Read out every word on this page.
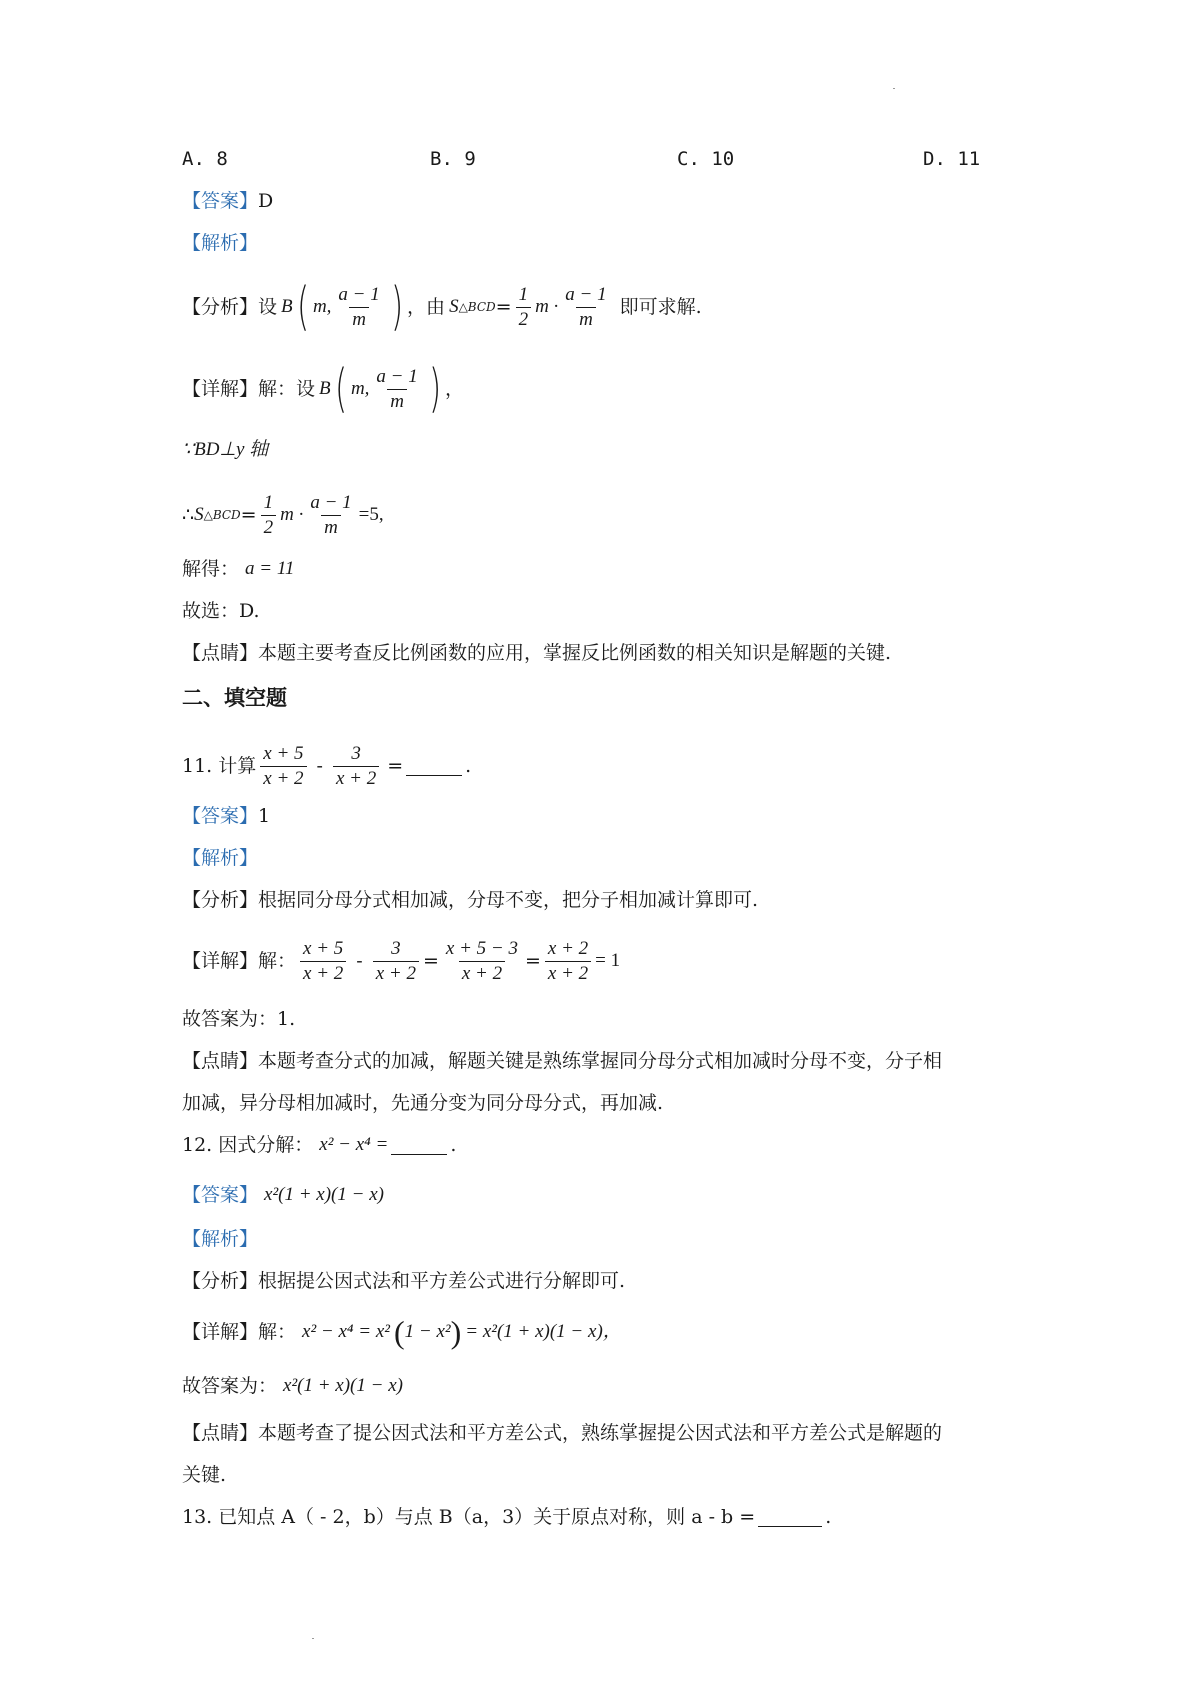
A. 8	B. 9	C. 10	D. 11
【答案】 D
【解析】
【分析】 设 B ( m, $\frac{a - 1}{m}$ ) ，由 S △BCD = $\frac{1}{2}$ $m \cdot \frac{a - 1}{m}$ 即可求解.
【详解】 解：设 B ( m, $\frac{a - 1}{m}$ ) ，
∵BD⊥y 轴
∴ S △BCD = $\frac{1}{2}$ $m \cdot \frac{a - 1}{m} =5$,
解得： a = 11
故选：D.
【点睛】 本题主要考查反比例函数的应用，掌握反比例函数的相关知识是解题的关键.
二、填空题
11. 计算 $\frac{x + 5}{x + 2} - \frac{3}{x + 2}$ =	.
【答案】 1
【解析】
【分析】 根据同分母分式相加减，分母不变，把分子相加减计算即可.
【详解】 解： $\frac{x + 5}{x + 2} - \frac{3}{x + 2} = \frac{x + 5 - 3}{x + 2} = \frac{x + 2}{x + 2} = 1$
故答案为：1.
【点睛】 本题考查分式的加减，解题关键是熟练掌握同分母分式相加减时分母不变，分子相
加减，异分母相加减时，先通分变为同分母分式，再加减.
12. 因式分解： x² − x⁴ =	.
【答案】 x²(1 + x)(1 − x)
【解析】
【分析】 根据提公因式法和平方差公式进行分解即可.
【详解】 解： x² − x⁴ = x² ( 1 − x² ) = x²(1 + x)(1 − x)，
故答案为： x²(1 + x)(1 − x)
【点睛】 本题考查了提公因式法和平方差公式，熟练掌握提公因式法和平方差公式是解题的
关键.
13. 已知点 A（ - 2，b）与点 B（a，3）关于原点对称，则 a - b =	.
